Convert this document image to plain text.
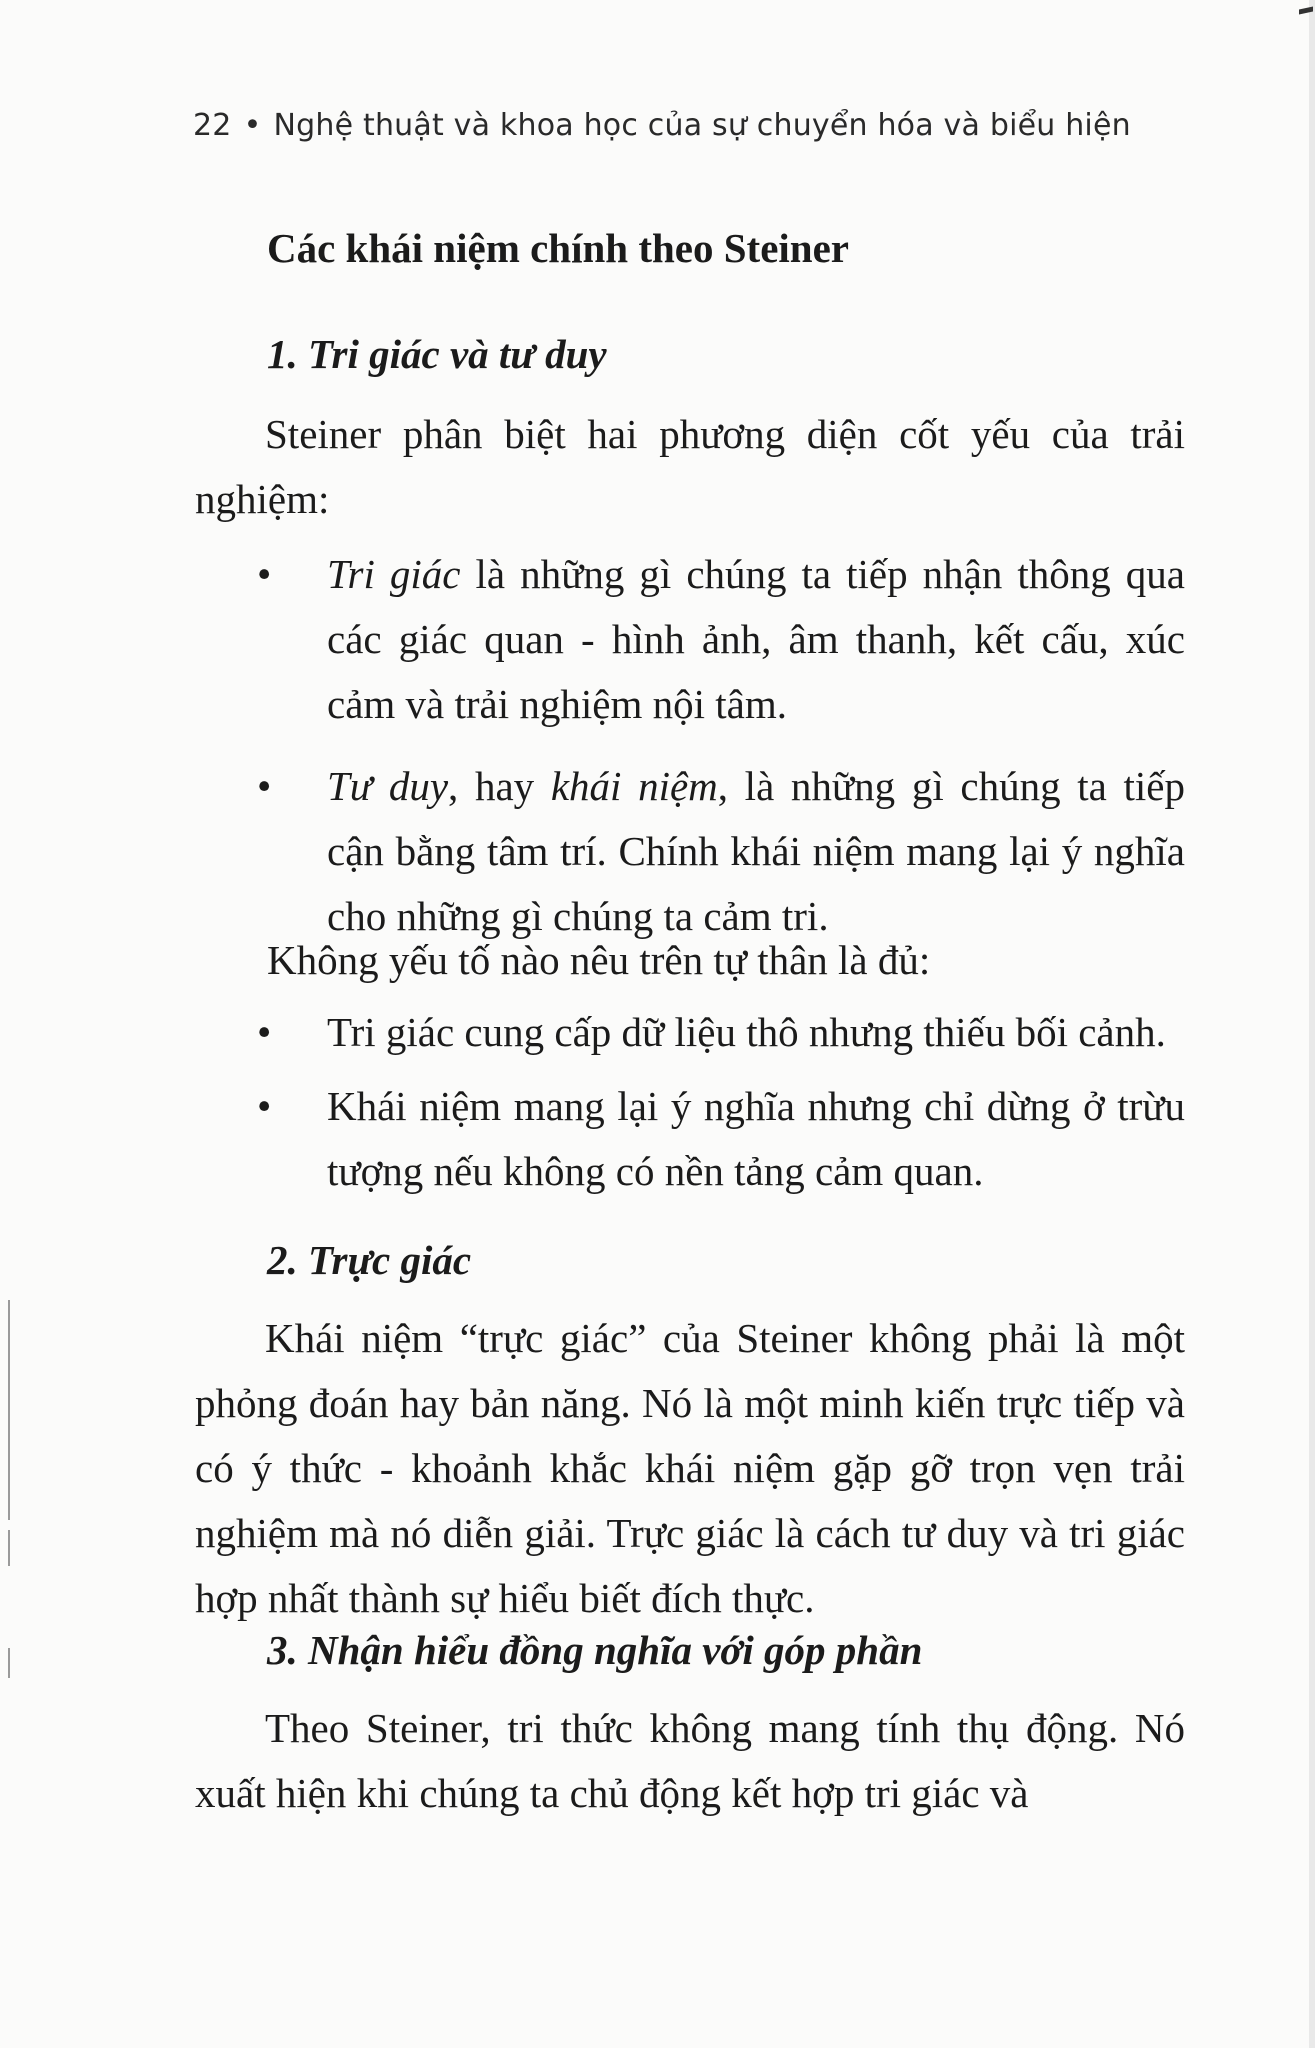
22 • Nghệ thuật và khoa học của sự chuyển hóa và biểu hiện
Các khái niệm chính theo Steiner
1. Tri giác và tư duy

Steiner phân biệt hai phương diện cốt yếu của trải nghiệm:

• Tri giác là những gì chúng ta tiếp nhận thông qua các giác quan - hình ảnh, âm thanh, kết cấu, xúc cảm và trải nghiệm nội tâm.
• Tư duy, hay khái niệm, là những gì chúng ta tiếp cận bằng tâm trí. Chính khái niệm mang lại ý nghĩa cho những gì chúng ta cảm tri.
Không yếu tố nào nêu trên tự thân là đủ:
• Tri giác cung cấp dữ liệu thô nhưng thiếu bối cảnh.
• Khái niệm mang lại ý nghĩa nhưng chỉ dừng ở trừu tượng nếu không có nền tảng cảm quan.
2. Trực giác

Khái niệm “trực giác” của Steiner không phải là một phỏng đoán hay bản năng. Nó là một minh kiến trực tiếp và có ý thức - khoảnh khắc khái niệm gặp gỡ trọn vẹn trải nghiệm mà nó diễn giải. Trực giác là cách tư duy và tri giác hợp nhất thành sự hiểu biết đích thực.

3. Nhận hiểu đồng nghĩa với góp phần

Theo Steiner, tri thức không mang tính thụ động. Nó xuất hiện khi chúng ta chủ động kết hợp tri giác và
